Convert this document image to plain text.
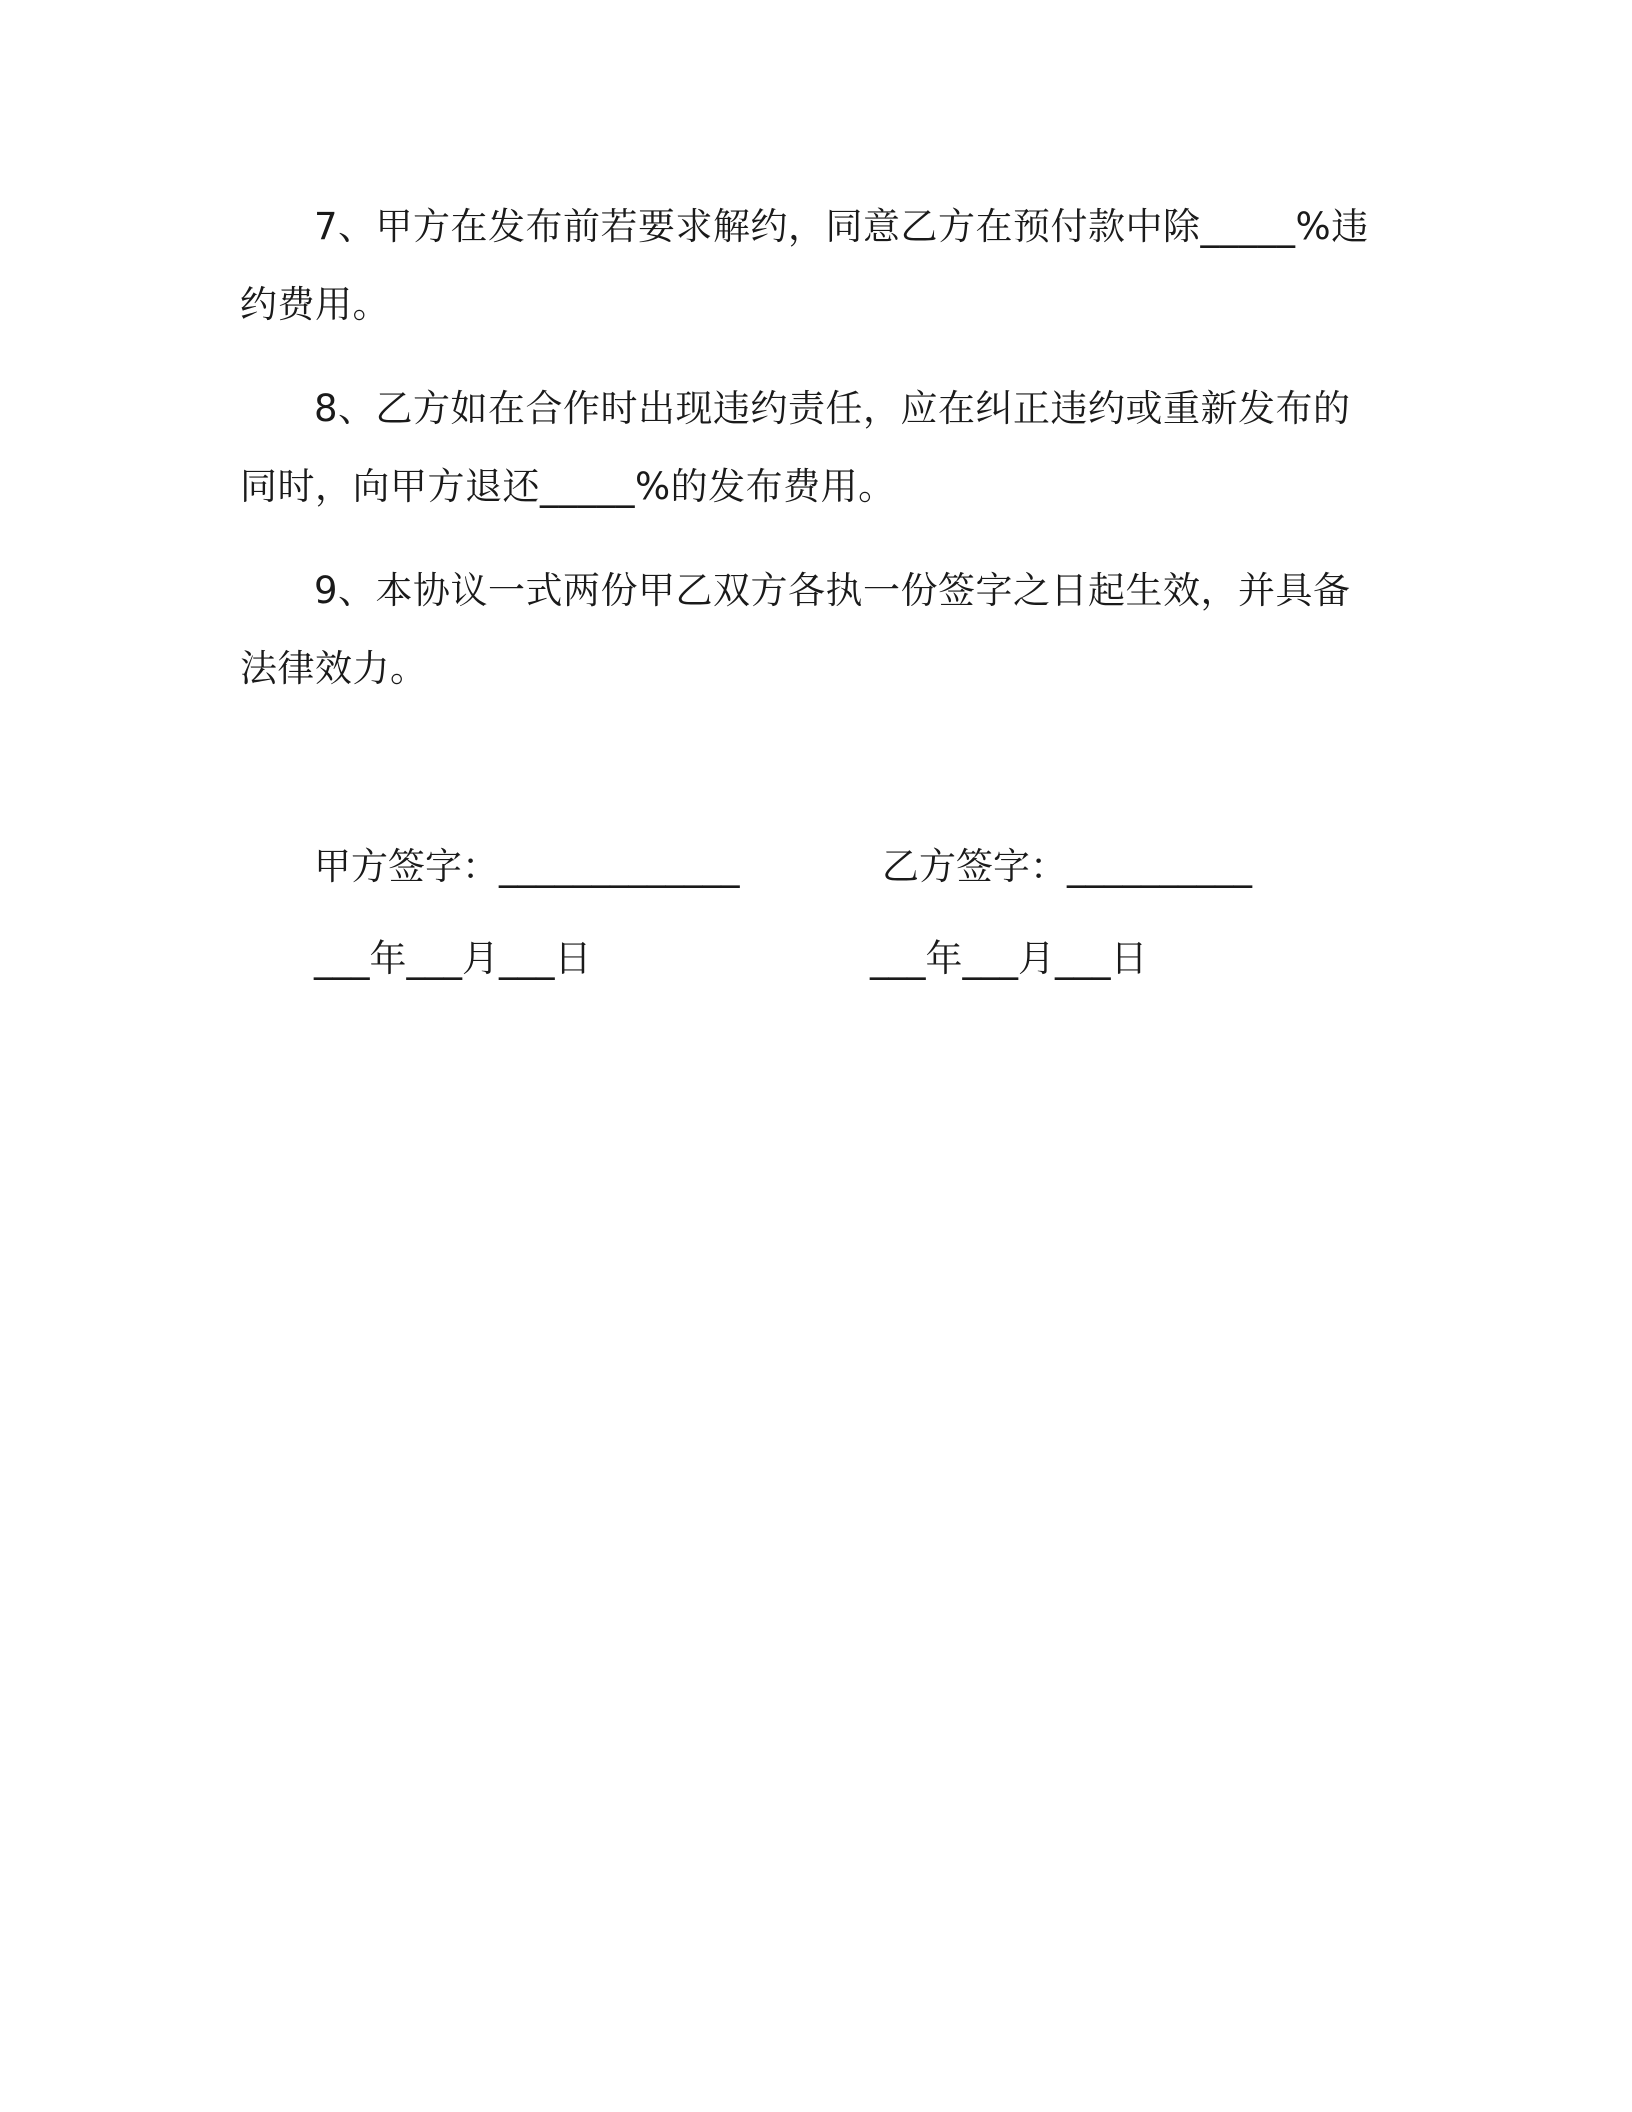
7、甲方在发布前若要求解约，同意乙方在预付款中除_____%违约费用。

8、乙方如在合作时出现违约责任，应在纠正违约或重新发布的同时，向甲方退还_____%的发布费用。

9、本协议一式两份甲乙双方各执一份签字之日起生效，并具备法律效力。

甲方签字：_____________	乙方签字：__________
___年___月___日	___年___月___日
